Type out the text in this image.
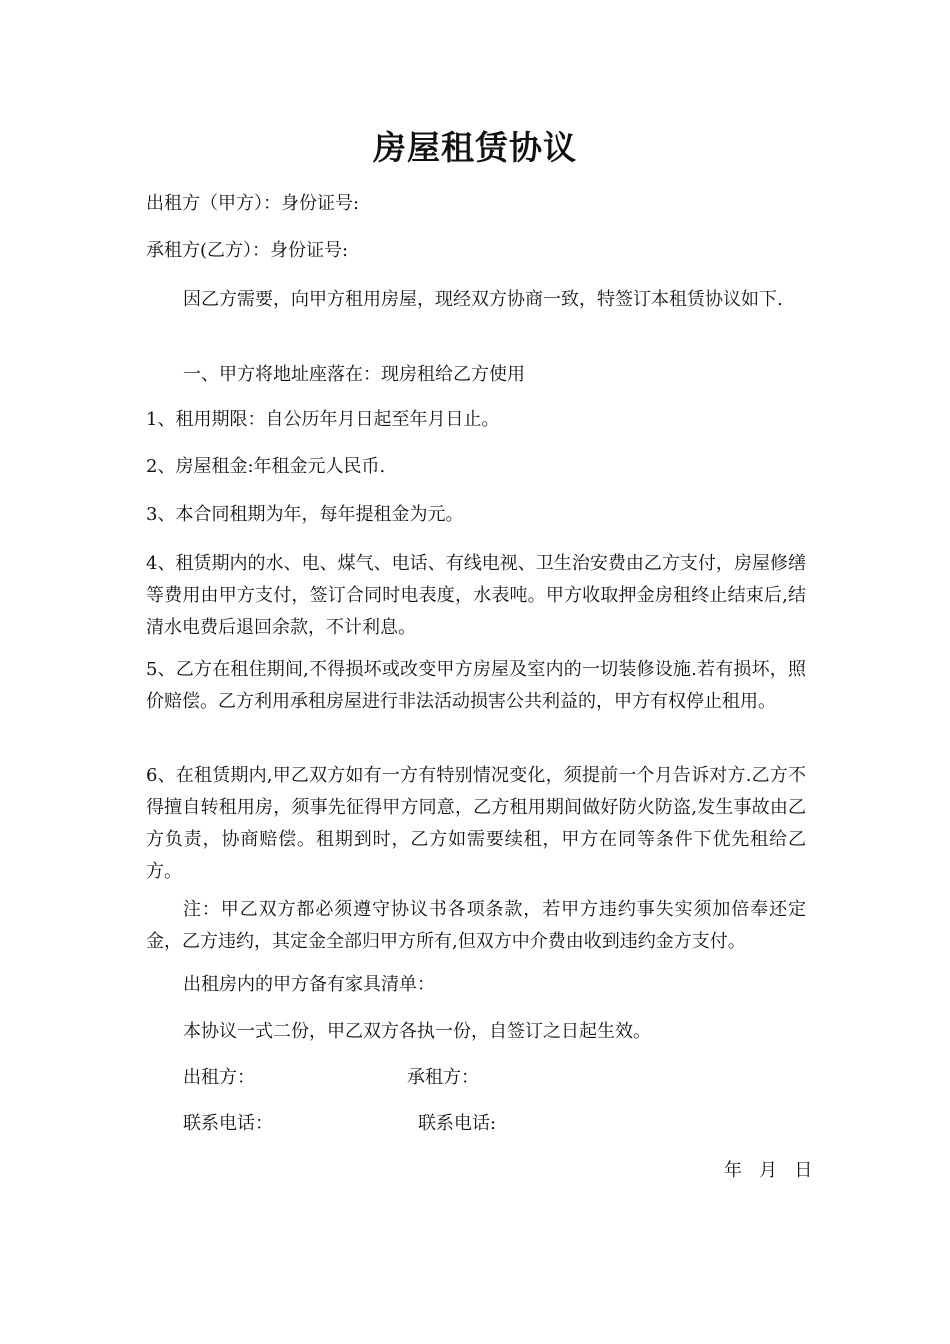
房屋租赁协议
出租方（甲方）：身份证号:
承租方(乙方）：身份证号:
因乙方需要，向甲方租用房屋，现经双方协商一致，特签订本租赁协议如下.
一、甲方将地址座落在：现房租给乙方使用
1、租用期限：自公历年月日起至年月日止。
2、房屋租金:年租金元人民币.
3、本合同租期为年，每年提租金为元。
4、租赁期内的水、电、煤气、电话、有线电视、卫生治安费由乙方支付，房屋修缮等费用由甲方支付，签订合同时电表度，水表吨。甲方收取押金房租终止结束后,结清水电费后退回余款，不计利息。
5、乙方在租住期间,不得损坏或改变甲方房屋及室内的一切装修设施.若有损坏，照价赔偿。乙方利用承租房屋进行非法活动损害公共利益的，甲方有权停止租用。
6、在租赁期内,甲乙双方如有一方有特别情况变化，须提前一个月告诉对方.乙方不得擅自转租用房，须事先征得甲方同意，乙方租用期间做好防火防盗,发生事故由乙方负责，协商赔偿。租期到时，乙方如需要续租，甲方在同等条件下优先租给乙方。
注：甲乙双方都必须遵守协议书各项条款，若甲方违约事失实须加倍奉还定金，乙方违约，其定金全部归甲方所有,但双方中介费由收到违约金方支付。
出租房内的甲方备有家具清单：
本协议一式二份，甲乙双方各执一份，自签订之日起生效。
出租方：	承租方：
联系电话：	联系电话:
年   月   日
